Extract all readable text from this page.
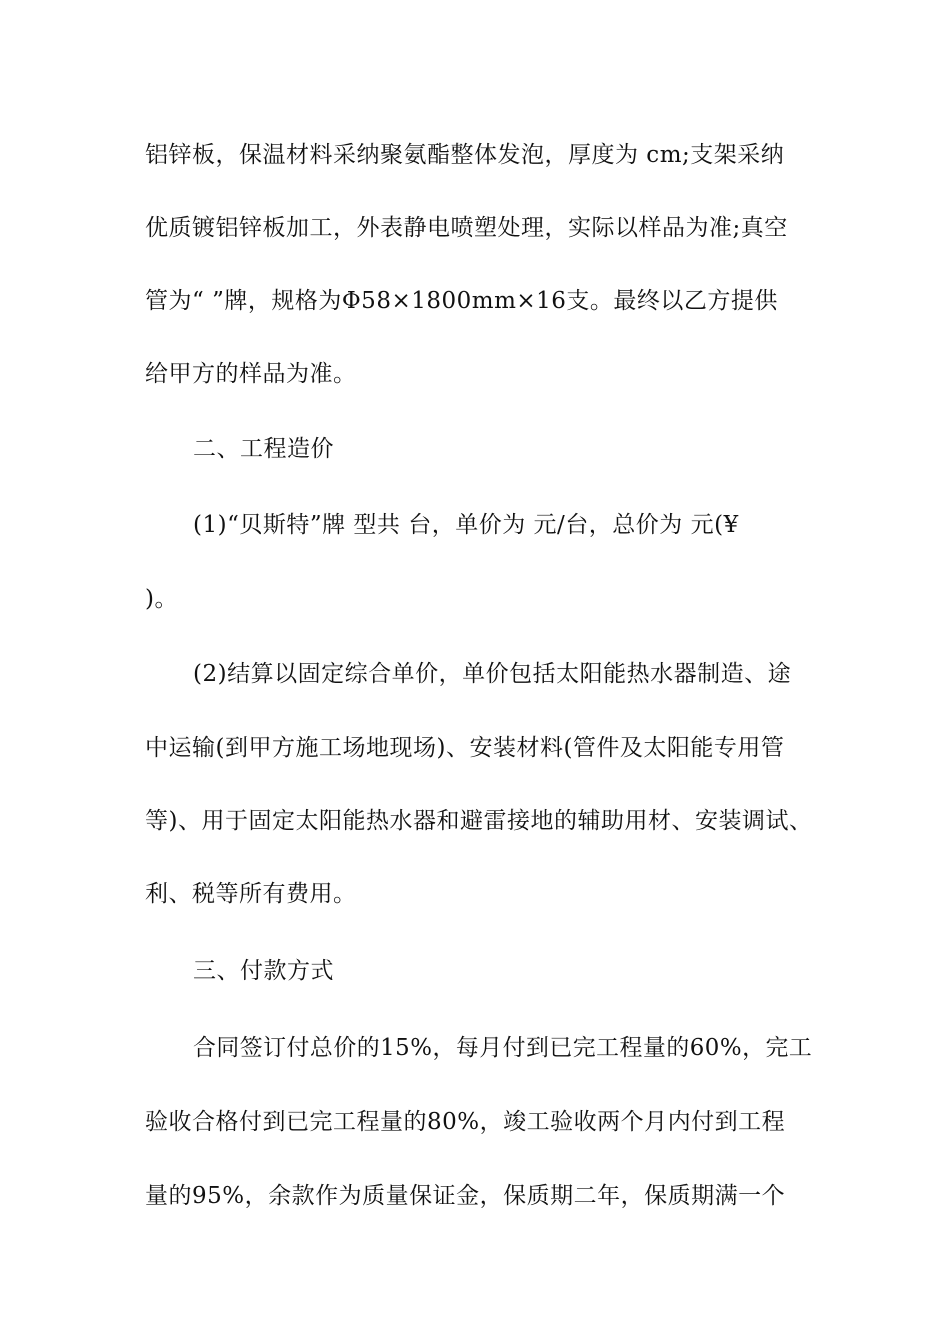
铝锌板，保温材料采纳聚氨酯整体发泡，厚度为 cm;支架采纳
优质镀铝锌板加工，外表静电喷塑处理，实际以样品为准;真空
管为“ ”牌，规格为Φ58×1800mm×16支。最终以乙方提供
给甲方的样品为准。
二、工程造价
(1)“贝斯特”牌 型共 台，单价为 元/台，总价为 元(¥
)。
(2)结算以固定综合单价，单价包括太阳能热水器制造、途
中运输(到甲方施工场地现场)、安装材料(管件及太阳能专用管
等)、用于固定太阳能热水器和避雷接地的辅助用材、安装调试、
利、税等所有费用。
三、付款方式
合同签订付总价的15%，每月付到已完工程量的60%，完工
验收合格付到已完工程量的80%，竣工验收两个月内付到工程
量的95%，余款作为质量保证金，保质期二年，保质期满一个
